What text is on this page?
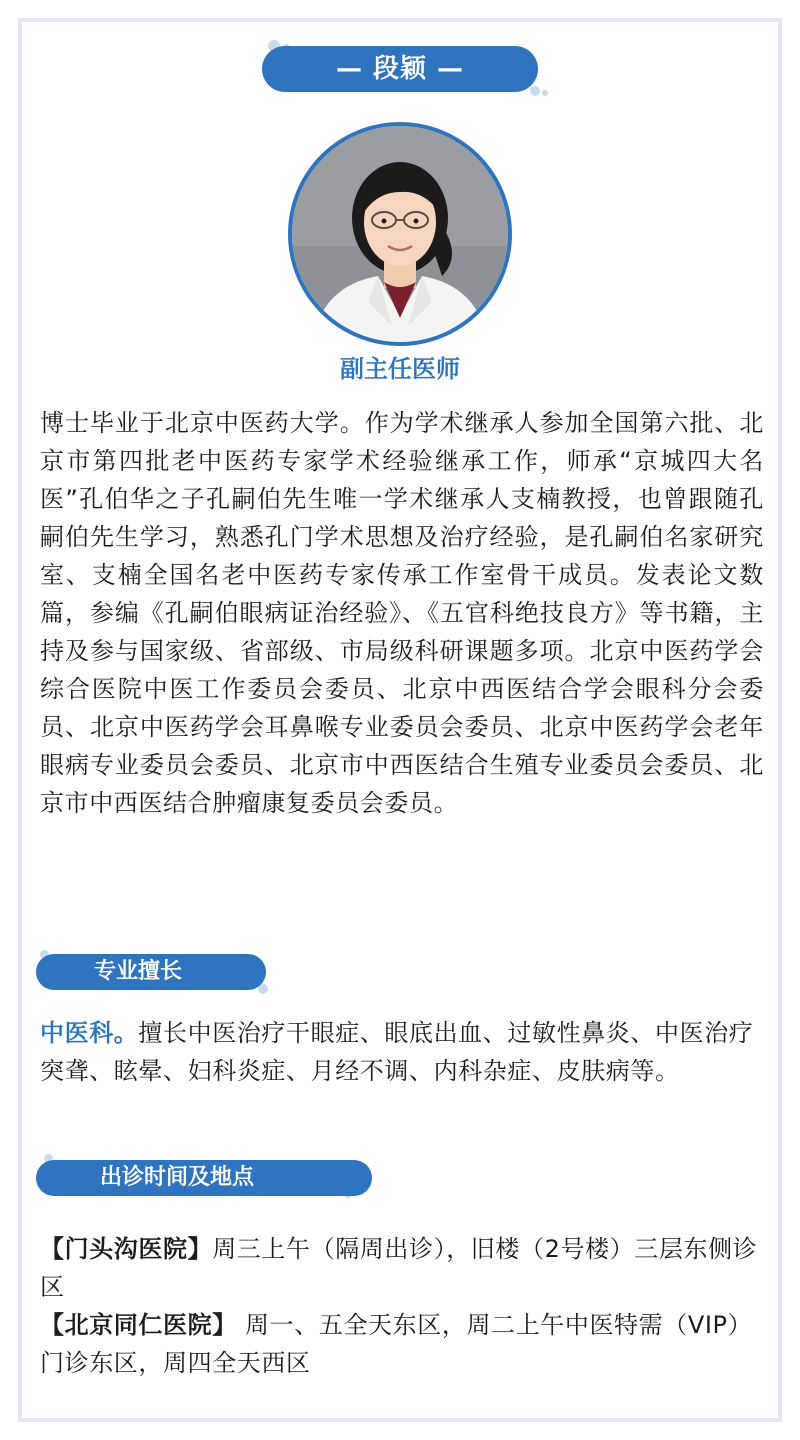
— 段颖 —
副主任医师

博士毕业于北京中医药大学。作为学术继承人参加全国第六批、北京市第四批老中医药专家学术经验继承工作，师承“京城四大名医”孔伯华之子孔嗣伯先生唯一学术继承人支楠教授，也曾跟随孔嗣伯先生学习，熟悉孔门学术思想及治疗经验，是孔嗣伯名家研究室、支楠全国名老中医药专家传承工作室骨干成员。发表论文数篇，参编《孔嗣伯眼病证治经验》、《五官科绝技良方》等书籍，主持及参与国家级、省部级、市局级科研课题多项。北京中医药学会综合医院中医工作委员会委员、北京中西医结合学会眼科分会委员、北京中医药学会耳鼻喉专业委员会委员、北京中医药学会老年眼病专业委员会委员、北京市中西医结合生殖专业委员会委员、北京市中西医结合肿瘤康复委员会委员。

专业擅长

中医科。擅长中医治疗干眼症、眼底出血、过敏性鼻炎、中医治疗突聋、眩晕、妇科炎症、月经不调、内科杂症、皮肤病等。

出诊时间及地点

【门头沟医院】周三上午（隔周出诊），旧楼（2号楼）三层东侧诊区

【北京同仁医院】 周一、五全天东区，周二上午中医特需（VIP）门诊东区，周四全天西区
